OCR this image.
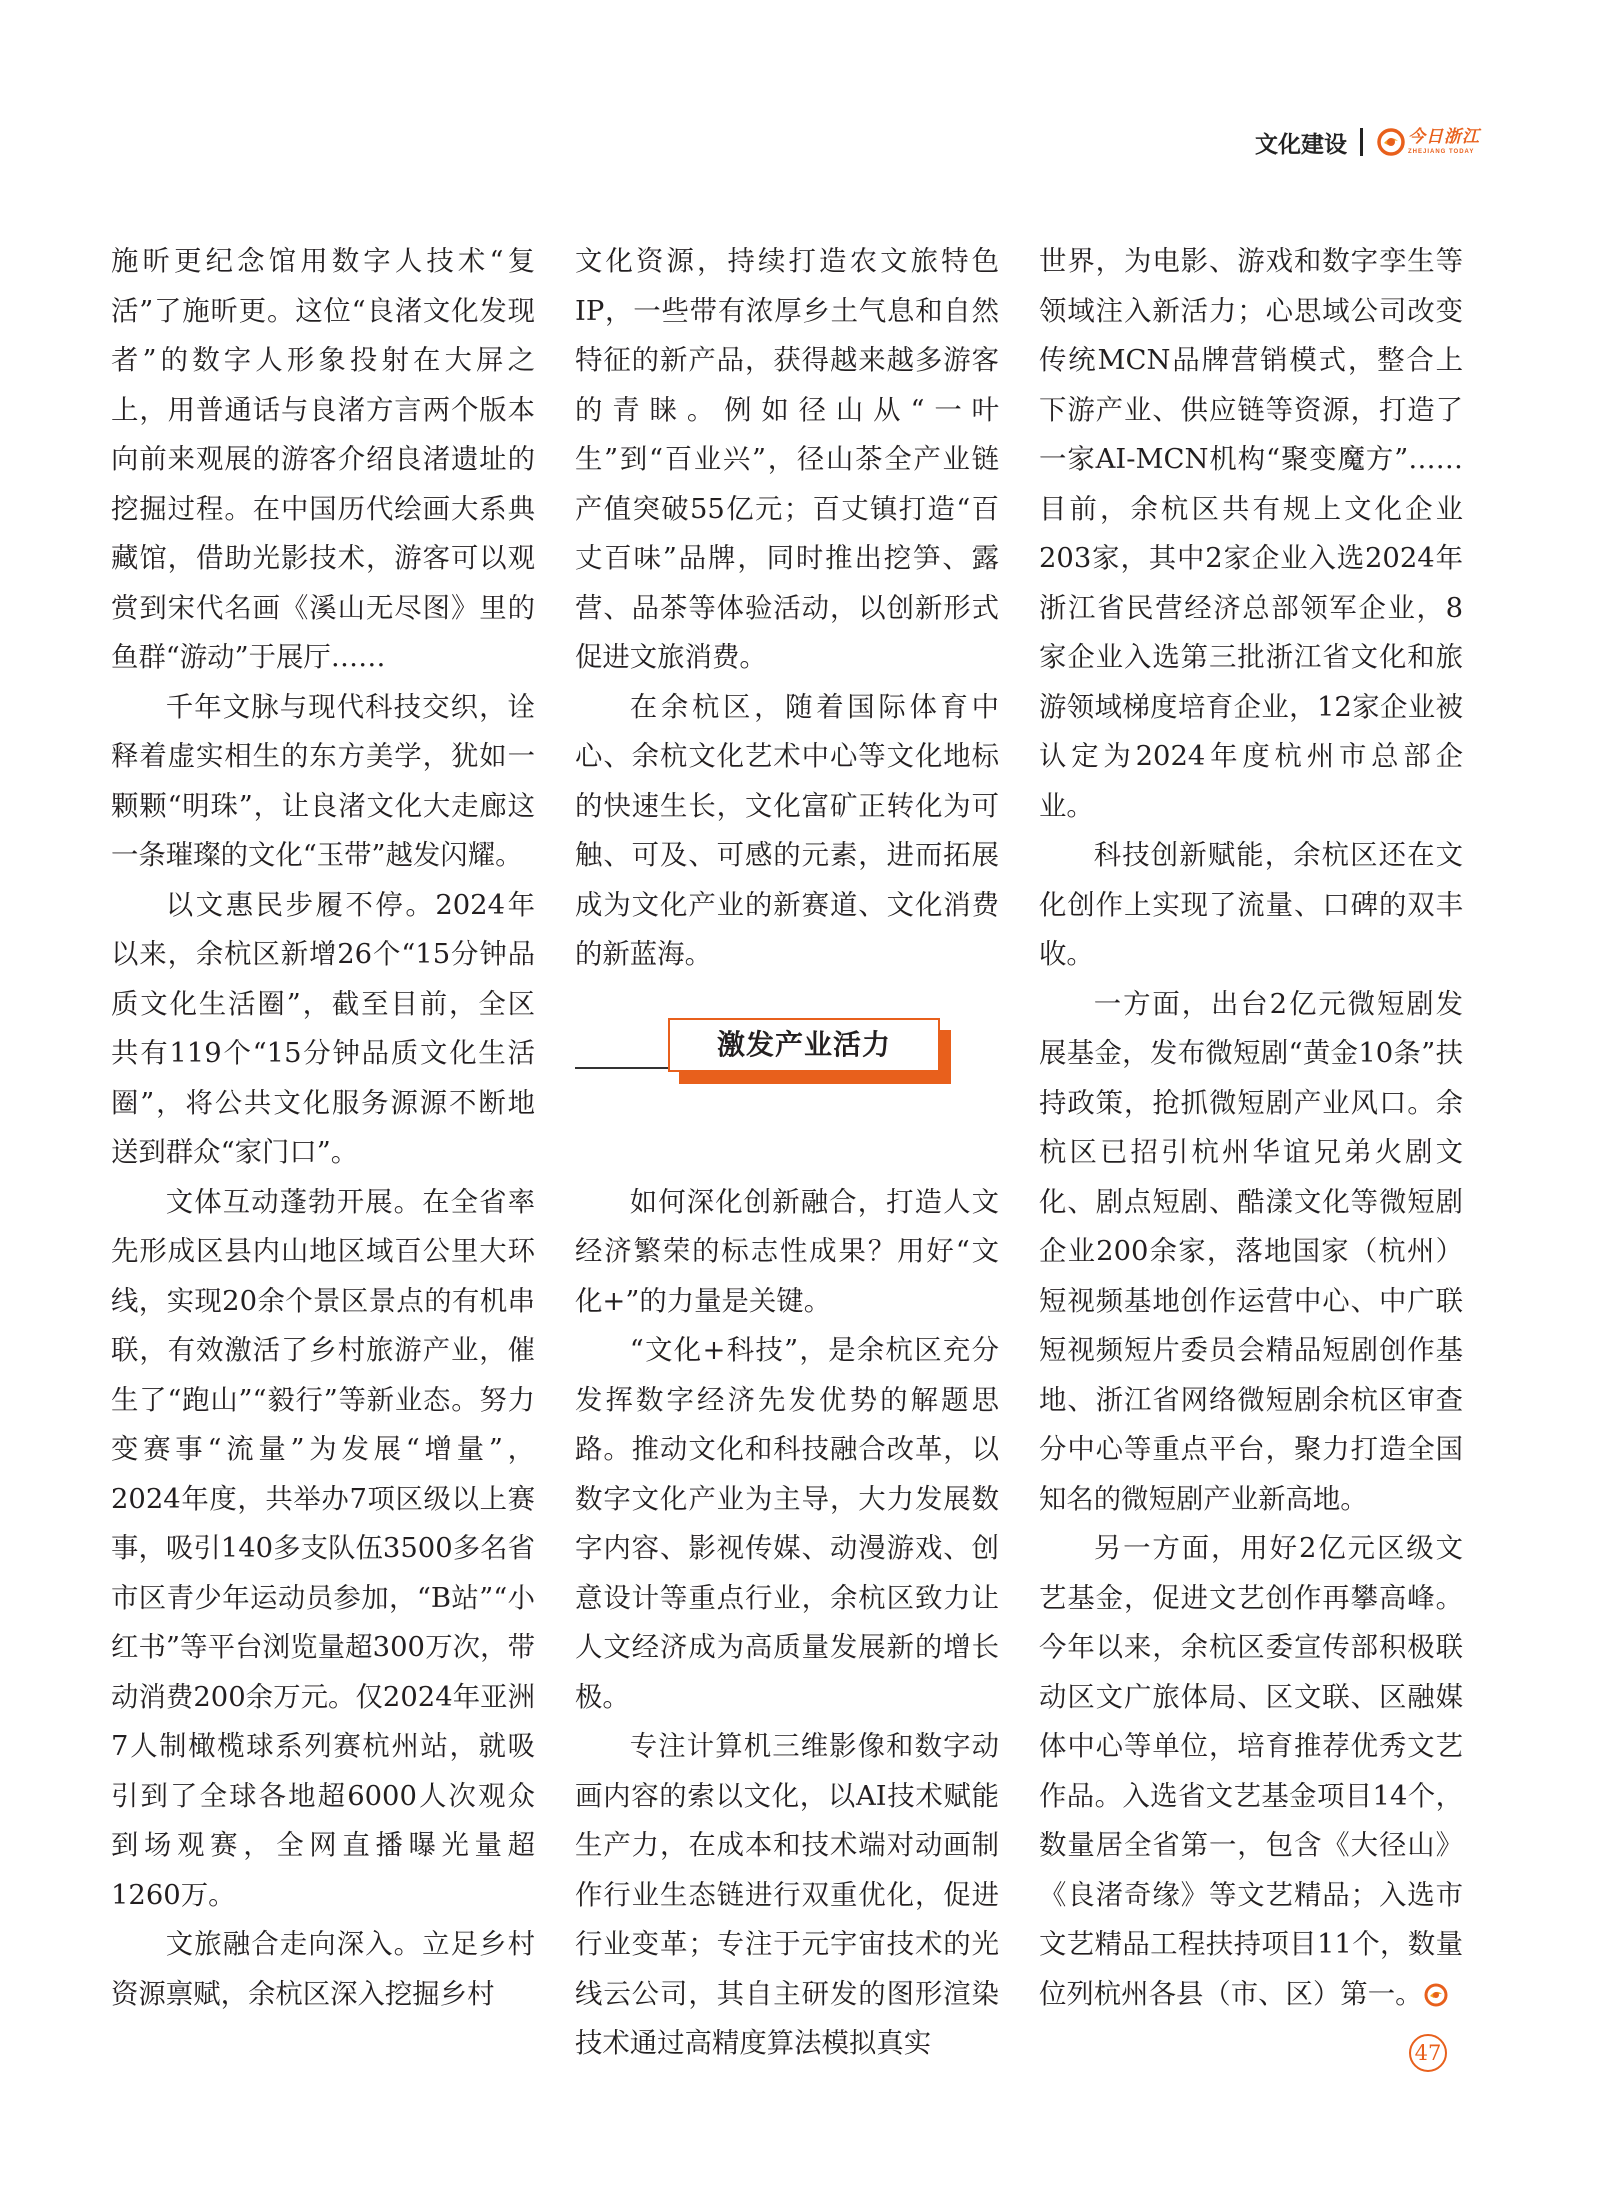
文化建设	今日浙江
ZHEJIANG TODAY

施昕更纪念馆用数字人技术“复活”了施昕更。这位“良渚文化发现者”的数字人形象投射在大屏之上，用普通话与良渚方言两个版本向前来观展的游客介绍良渚遗址的挖掘过程。在中国历代绘画大系典藏馆，借助光影技术，游客可以观赏到宋代名画《溪山无尽图》里的鱼群“游动”于展厅……

千年文脉与现代科技交织，诠释着虚实相生的东方美学，犹如一颗颗“明珠”，让良渚文化大走廊这一条璀璨的文化“玉带”越发闪耀。

以文惠民步履不停。2024年以来，余杭区新增26个“15分钟品质文化生活圈”，截至目前，全区共有119个“15分钟品质文化生活圈”，将公共文化服务源源不断地送到群众“家门口”。

文体互动蓬勃开展。在全省率先形成区县内山地区域百公里大环线，实现20余个景区景点的有机串联，有效激活了乡村旅游产业，催生了“跑山”“毅行”等新业态。努力变赛事“流量”为发展“增量”，2024年度，共举办7项区级以上赛事，吸引140多支队伍3500多名省市区青少年运动员参加，“B站”“小红书”等平台浏览量超300万次，带动消费200余万元。仅2024年亚洲7人制橄榄球系列赛杭州站，就吸引到了全球各地超6000人次观众到场观赛，全网直播曝光量超1260万。

文旅融合走向深入。立足乡村资源禀赋，余杭区深入挖掘乡村

文化资源，持续打造农文旅特色IP，一些带有浓厚乡土气息和自然特征的新产品，获得越来越多游客的青睐。例如径山从“一叶生”到“百业兴”，径山茶全产业链产值突破55亿元；百丈镇打造“百丈百味”品牌，同时推出挖笋、露营、品茶等体验活动，以创新形式促进文旅消费。

在余杭区，随着国际体育中心、余杭文化艺术中心等文化地标的快速生长，文化富矿正转化为可触、可及、可感的元素，进而拓展成为文化产业的新赛道、文化消费的新蓝海。

激发产业活力

如何深化创新融合，打造人文经济繁荣的标志性成果？用好“文化+”的力量是关键。

“文化+科技”，是余杭区充分发挥数字经济先发优势的解题思路。推动文化和科技融合改革，以数字文化产业为主导，大力发展数字内容、影视传媒、动漫游戏、创意设计等重点行业，余杭区致力让人文经济成为高质量发展新的增长极。

专注计算机三维影像和数字动画内容的索以文化，以AI技术赋能生产力，在成本和技术端对动画制作行业生态链进行双重优化，促进行业变革；专注于元宇宙技术的光线云公司，其自主研发的图形渲染技术通过高精度算法模拟真实

世界，为电影、游戏和数字孪生等领域注入新活力；心思域公司改变传统MCN品牌营销模式，整合上下游产业、供应链等资源，打造了一家AI-MCN机构“聚变魔方”……目前，余杭区共有规上文化企业203家，其中2家企业入选2024年浙江省民营经济总部领军企业，8家企业入选第三批浙江省文化和旅游领域梯度培育企业，12家企业被认定为2024年度杭州市总部企业。

科技创新赋能，余杭区还在文化创作上实现了流量、口碑的双丰收。

一方面，出台2亿元微短剧发展基金，发布微短剧“黄金10条”扶持政策，抢抓微短剧产业风口。余杭区已招引杭州华谊兄弟火剧文化、剧点短剧、酷漾文化等微短剧企业200余家，落地国家（杭州）短视频基地创作运营中心、中广联短视频短片委员会精品短剧创作基地、浙江省网络微短剧余杭区审查分中心等重点平台，聚力打造全国知名的微短剧产业新高地。

另一方面，用好2亿元区级文艺基金，促进文艺创作再攀高峰。今年以来，余杭区委宣传部积极联动区文广旅体局、区文联、区融媒体中心等单位，培育推荐优秀文艺作品。入选省文艺基金项目14个，数量居全省第一，包含《大径山》《良渚奇缘》等文艺精品；入选市文艺精品工程扶持项目11个，数量位列杭州各县（市、区）第一。

47
